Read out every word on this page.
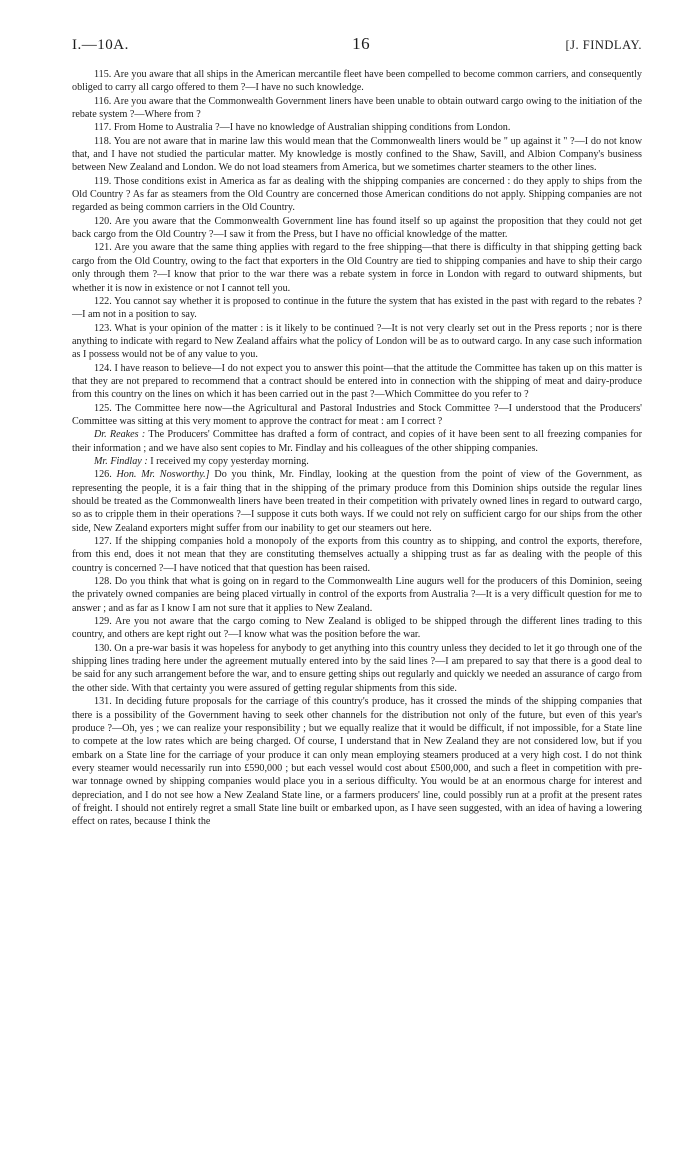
I.—10A.	16	[J. FINDLAY.

115. Are you aware that all ships in the American mercantile fleet have been compelled to become common carriers, and consequently obliged to carry all cargo offered to them ?—I have no such knowledge.

116. Are you aware that the Commonwealth Government liners have been unable to obtain outward cargo owing to the initiation of the rebate system ?—Where from ?

117. From Home to Australia ?—I have no knowledge of Australian shipping conditions from London.

118. You are not aware that in marine law this would mean that the Commonwealth liners would be " up against it " ?—I do not know that, and I have not studied the particular matter. My knowledge is mostly confined to the Shaw, Savill, and Albion Company's business between New Zealand and London. We do not load steamers from America, but we sometimes charter steamers to the other lines.

119. Those conditions exist in America as far as dealing with the shipping companies are concerned : do they apply to ships from the Old Country ? As far as steamers from the Old Country are concerned those American conditions do not apply. Shipping companies are not regarded as being common carriers in the Old Country.

120. Are you aware that the Commonwealth Government line has found itself so up against the proposition that they could not get back cargo from the Old Country ?—I saw it from the Press, but I have no official knowledge of the matter.

121. Are you aware that the same thing applies with regard to the free shipping—that there is difficulty in that shipping getting back cargo from the Old Country, owing to the fact that exporters in the Old Country are tied to shipping companies and have to ship their cargo only through them ?—I know that prior to the war there was a rebate system in force in London with regard to outward shipments, but whether it is now in existence or not I cannot tell you.

122. You cannot say whether it is proposed to continue in the future the system that has existed in the past with regard to the rebates ?—I am not in a position to say.

123. What is your opinion of the matter : is it likely to be continued ?—It is not very clearly set out in the Press reports ; nor is there anything to indicate with regard to New Zealand affairs what the policy of London will be as to outward cargo. In any case such information as I possess would not be of any value to you.

124. I have reason to believe—I do not expect you to answer this point—that the attitude the Committee has taken up on this matter is that they are not prepared to recommend that a contract should be entered into in connection with the shipping of meat and dairy-produce from this country on the lines on which it has been carried out in the past ?—Which Committee do you refer to ?

125. The Committee here now—the Agricultural and Pastoral Industries and Stock Committee ?—I understood that the Producers' Committee was sitting at this very moment to approve the contract for meat : am I correct ?

Dr. Reakes : The Producers' Committee has drafted a form of contract, and copies of it have been sent to all freezing companies for their information ; and we have also sent copies to Mr. Findlay and his colleagues of the other shipping companies.

Mr. Findlay : I received my copy yesterday morning.

126. Hon. Mr. Nosworthy.] Do you think, Mr. Findlay, looking at the question from the point of view of the Government, as representing the people, it is a fair thing that in the shipping of the primary produce from this Dominion ships outside the regular lines should be treated as the Commonwealth liners have been treated in their competition with privately owned lines in regard to outward cargo, so as to cripple them in their operations ?—I suppose it cuts both ways. If we could not rely on sufficient cargo for our ships from the other side, New Zealand exporters might suffer from our inability to get our steamers out here.

127. If the shipping companies hold a monopoly of the exports from this country as to shipping, and control the exports, therefore, from this end, does it not mean that they are constituting themselves actually a shipping trust as far as dealing with the people of this country is concerned ?—I have noticed that that question has been raised.

128. Do you think that what is going on in regard to the Commonwealth Line augurs well for the producers of this Dominion, seeing the privately owned companies are being placed virtually in control of the exports from Australia ?—It is a very difficult question for me to answer ; and as far as I know I am not sure that it applies to New Zealand.

129. Are you not aware that the cargo coming to New Zealand is obliged to be shipped through the different lines trading to this country, and others are kept right out ?—I know what was the position before the war.

130. On a pre-war basis it was hopeless for anybody to get anything into this country unless they decided to let it go through one of the shipping lines trading here under the agreement mutually entered into by the said lines ?—I am prepared to say that there is a good deal to be said for any such arrangement before the war, and to ensure getting ships out regularly and quickly we needed an assurance of cargo from the other side. With that certainty you were assured of getting regular shipments from this side.

131. In deciding future proposals for the carriage of this country's produce, has it crossed the minds of the shipping companies that there is a possibility of the Government having to seek other channels for the distribution not only of the future, but even of this year's produce ?—Oh, yes ; we can realize your responsibility ; but we equally realize that it would be difficult, if not impossible, for a State line to compete at the low rates which are being charged. Of course, I understand that in New Zealand they are not considered low, but if you embark on a State line for the carriage of your produce it can only mean employing steamers produced at a very high cost. I do not think every steamer would necessarily run into £590,000 ; but each vessel would cost about £500,000, and such a fleet in competition with pre-war tonnage owned by shipping companies would place you in a serious difficulty. You would be at an enormous charge for interest and depreciation, and I do not see how a New Zealand State line, or a farmers producers' line, could possibly run at a profit at the present rates of freight. I should not entirely regret a small State line built or embarked upon, as I have seen suggested, with an idea of having a lowering effect on rates, because I think the
